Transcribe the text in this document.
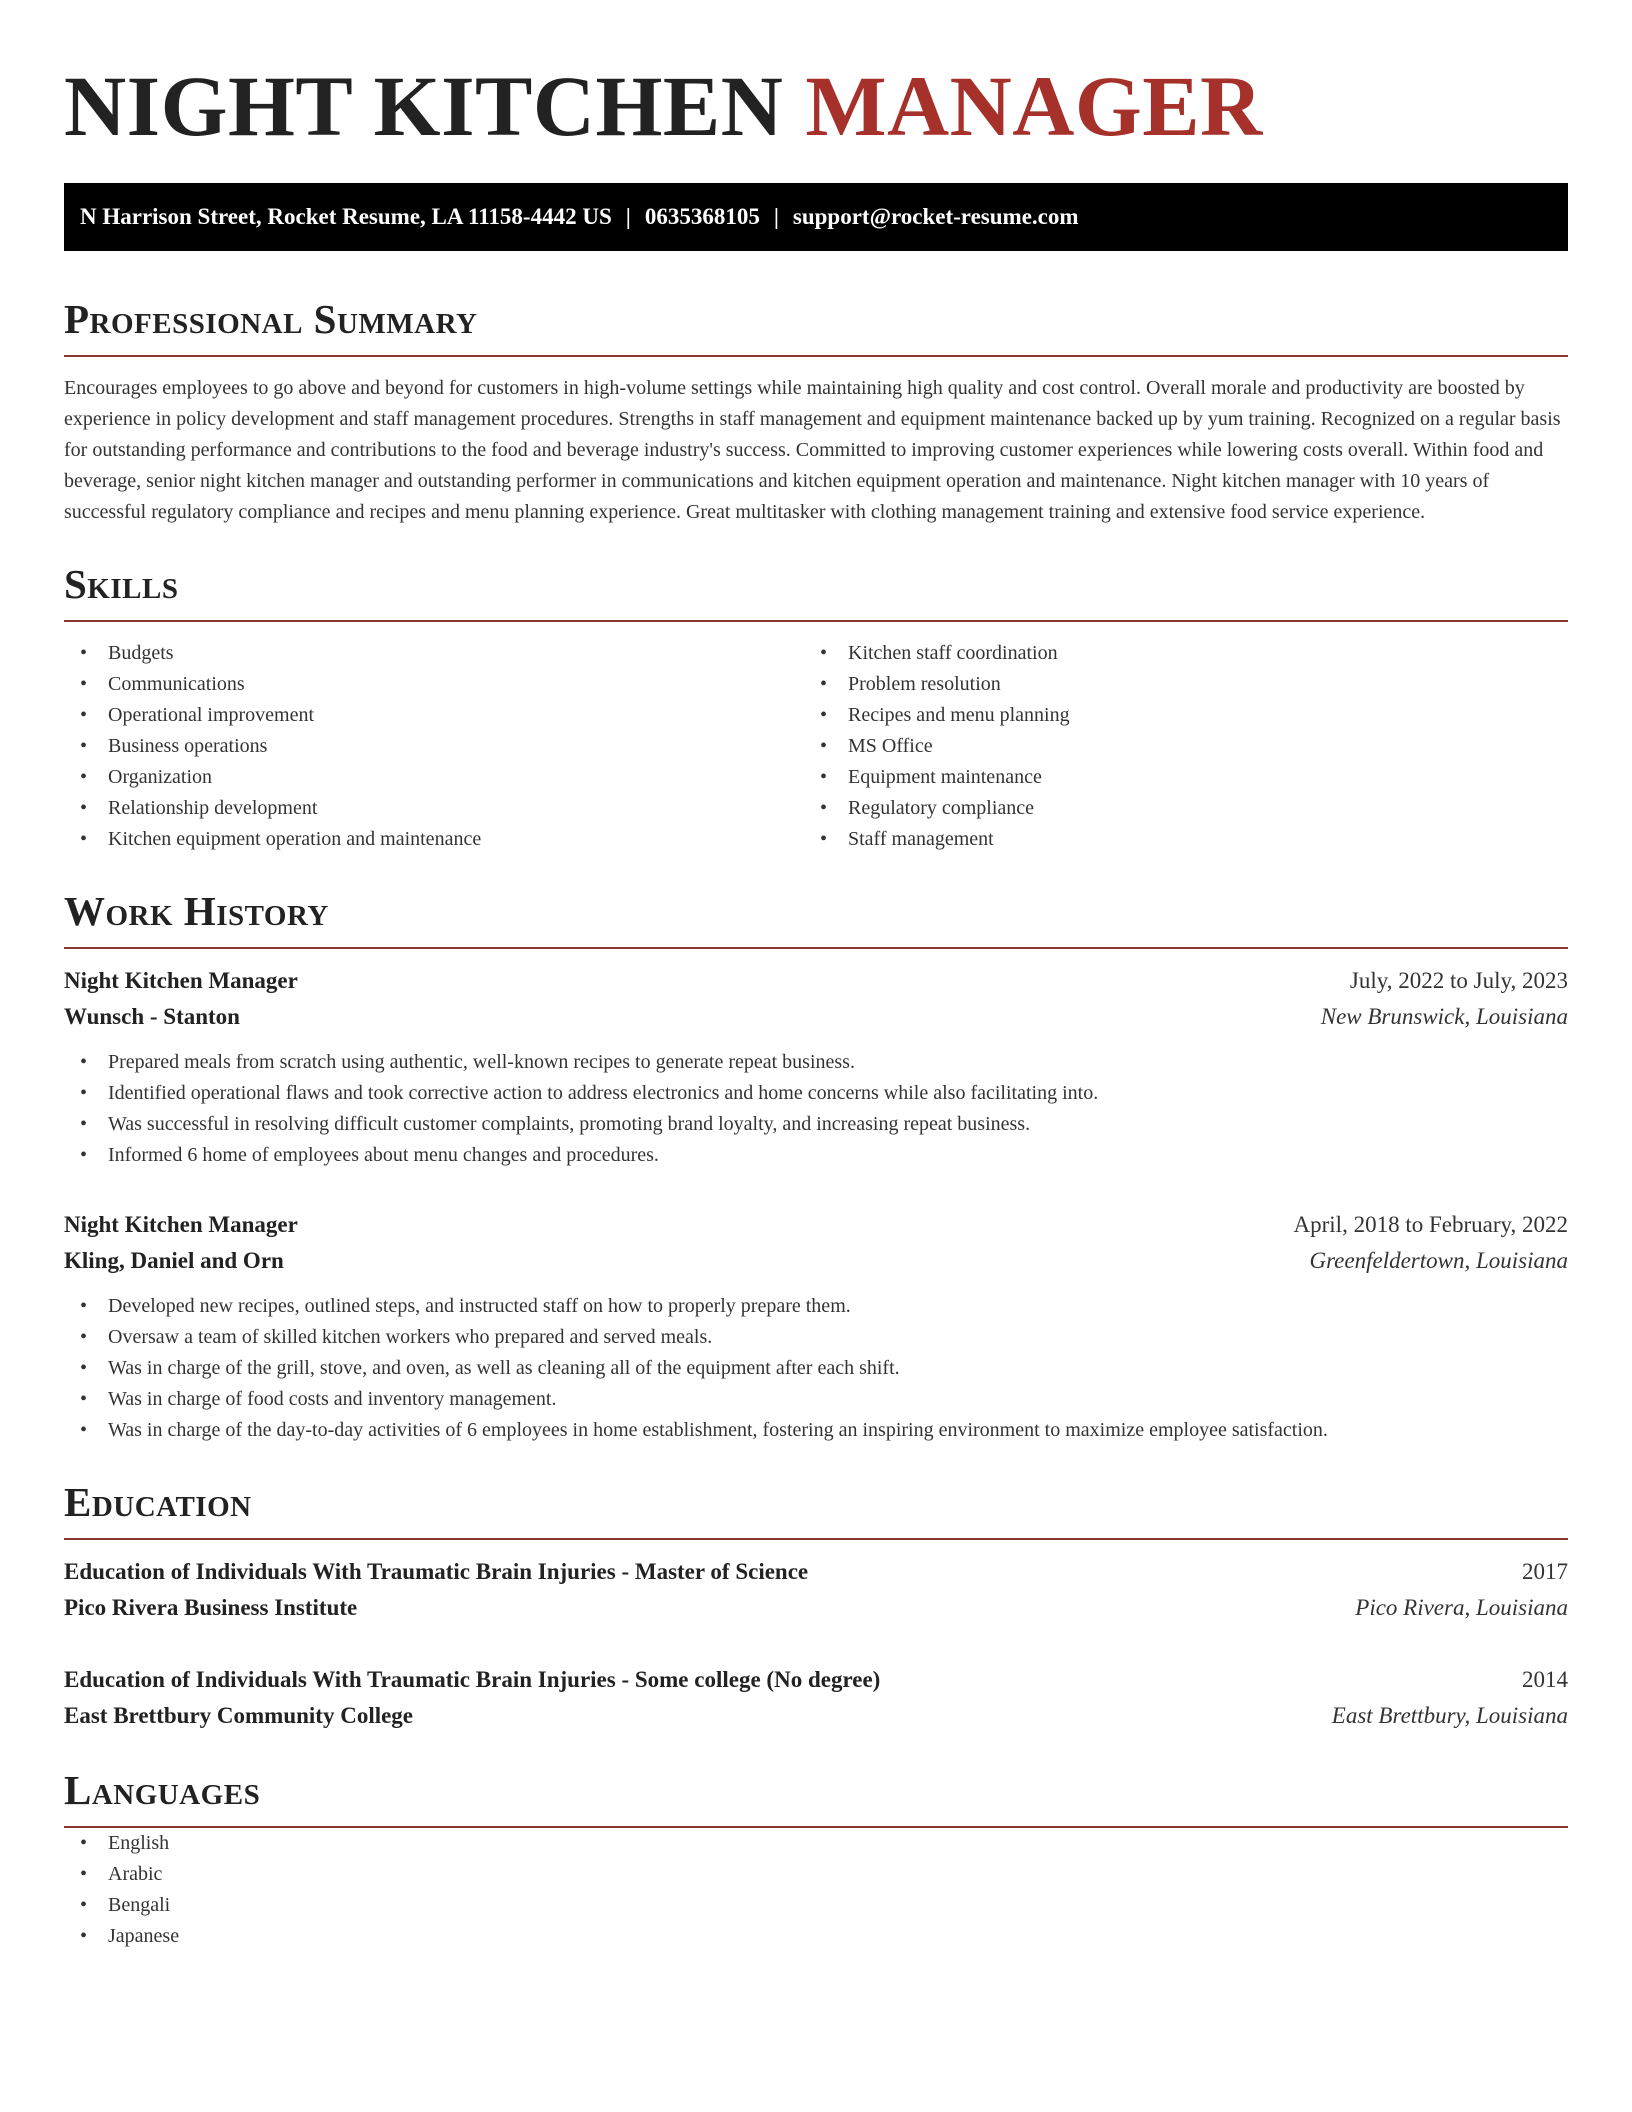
NIGHT KITCHEN MANAGER
N Harrison Street, Rocket Resume, LA 11158-4442 US | 0635368105 | support@rocket-resume.com
Professional Summary

Encourages employees to go above and beyond for customers in high-volume settings while maintaining high quality and cost control. Overall morale and productivity are boosted by experience in policy development and staff management procedures. Strengths in staff management and equipment maintenance backed up by yum training. Recognized on a regular basis for outstanding performance and contributions to the food and beverage industry's success. Committed to improving customer experiences while lowering costs overall. Within food and beverage, senior night kitchen manager and outstanding performer in communications and kitchen equipment operation and maintenance. Night kitchen manager with 10 years of successful regulatory compliance and recipes and menu planning experience. Great multitasker with clothing management training and extensive food service experience.

Skills
• Budgets
• Communications
• Operational improvement
• Business operations
• Organization
• Relationship development
• Kitchen equipment operation and maintenance
• Kitchen staff coordination
• Problem resolution
• Recipes and menu planning
• MS Office
• Equipment maintenance
• Regulatory compliance
• Staff management
Work History
Night Kitchen Manager	July, 2022 to July, 2023
Wunsch - Stanton	New Brunswick, Louisiana
• Prepared meals from scratch using authentic, well-known recipes to generate repeat business.
• Identified operational flaws and took corrective action to address electronics and home concerns while also facilitating into.
• Was successful in resolving difficult customer complaints, promoting brand loyalty, and increasing repeat business.
• Informed 6 home of employees about menu changes and procedures.
Night Kitchen Manager	April, 2018 to February, 2022
Kling, Daniel and Orn	Greenfeldertown, Louisiana
• Developed new recipes, outlined steps, and instructed staff on how to properly prepare them.
• Oversaw a team of skilled kitchen workers who prepared and served meals.
• Was in charge of the grill, stove, and oven, as well as cleaning all of the equipment after each shift.
• Was in charge of food costs and inventory management.
• Was in charge of the day-to-day activities of 6 employees in home establishment, fostering an inspiring environment to maximize employee satisfaction.
Education
Education of Individuals With Traumatic Brain Injuries - Master of Science	2017
Pico Rivera Business Institute	Pico Rivera, Louisiana
Education of Individuals With Traumatic Brain Injuries - Some college (No degree)	2014
East Brettbury Community College	East Brettbury, Louisiana
Languages
• English
• Arabic
• Bengali
• Japanese
